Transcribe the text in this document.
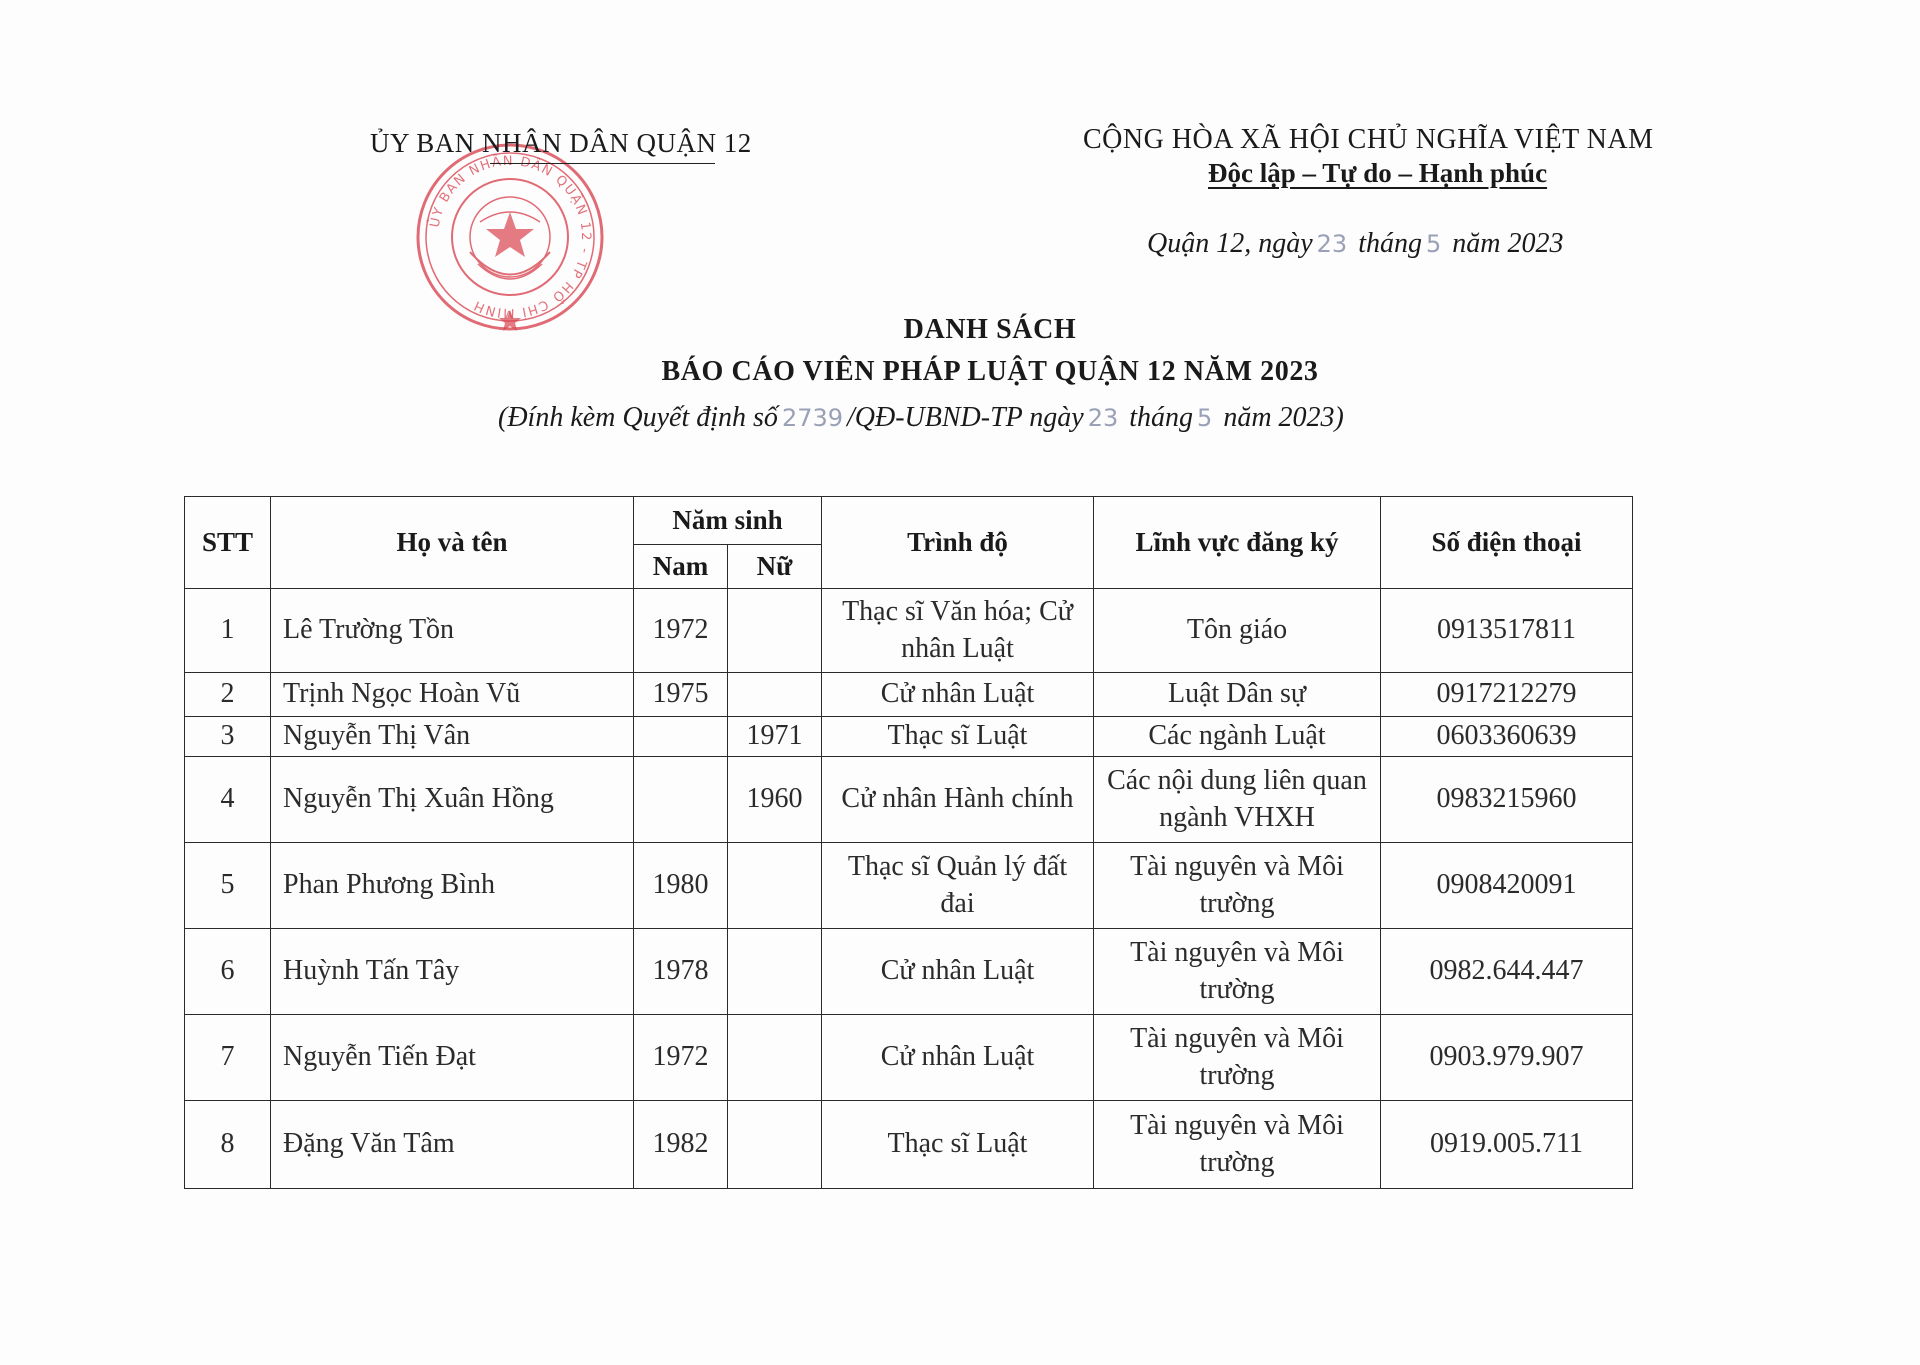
ỦY BAN NHÂN DÂN QUẬN 12 - TP HỒ CHÍ MINH
ỦY BAN NHÂN DÂN QUẬN 12	CỘNG HÒA XÃ HỘI CHỦ NGHĨA VIỆT NAM
Độc lập – Tự do – Hạnh phúc
Quận 12, ngày 23 tháng 5 năm 2023
DANH SÁCH
BÁO CÁO VIÊN PHÁP LUẬT QUẬN 12 NĂM 2023
(Đính kèm Quyết định số 2739 /QĐ-UBND-TP ngày 23 tháng 5 năm 2023)
STT	Họ và tên	Năm sinh		Trình độ	Lĩnh vực đăng ký	Số điện thoại
		Nam	Nữ			
1	Lê Trường Tồn	1972		Thạc sĩ Văn hóa; Cử nhân Luật	Tôn giáo	0913517811
2	Trịnh Ngọc Hoàn Vũ	1975		Cử nhân Luật	Luật Dân sự	0917212279
3	Nguyễn Thị Vân		1971	Thạc sĩ Luật	Các ngành Luật	0603360639
4	Nguyễn Thị Xuân Hồng		1960	Cử nhân Hành chính	Các nội dung liên quan ngành VHXH	0983215960
5	Phan Phương Bình	1980		Thạc sĩ Quản lý đất đai	Tài nguyên và Môi trường	0908420091
6	Huỳnh Tấn Tây	1978		Cử nhân Luật	Tài nguyên và Môi trường	0982.644.447
7	Nguyễn Tiến Đạt	1972		Cử nhân Luật	Tài nguyên và Môi trường	0903.979.907
8	Đặng Văn Tâm	1982		Thạc sĩ Luật	Tài nguyên và Môi trường	0919.005.711
